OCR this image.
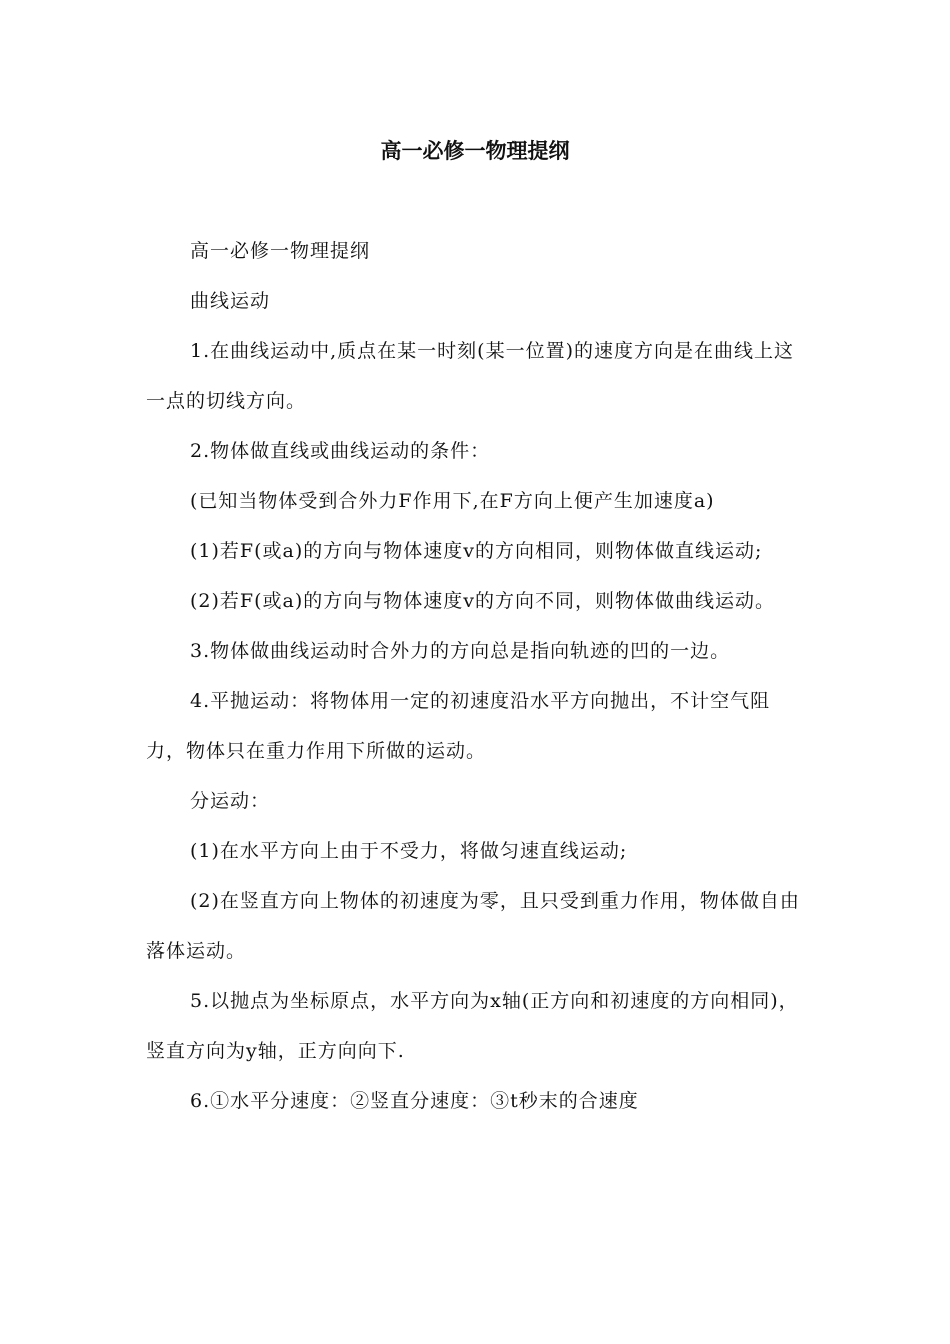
高一必修一物理提纲

高一必修一物理提纲

曲线运动

1.在曲线运动中,质点在某一时刻(某一位置)的速度方向是在曲线上这一点的切线方向。

2.物体做直线或曲线运动的条件：

(已知当物体受到合外力F作用下,在F方向上便产生加速度a)

(1)若F(或a)的方向与物体速度v的方向相同，则物体做直线运动;

(2)若F(或a)的方向与物体速度v的方向不同，则物体做曲线运动。

3.物体做曲线运动时合外力的方向总是指向轨迹的凹的一边。

4.平抛运动：将物体用一定的初速度沿水平方向抛出，不计空气阻力，物体只在重力作用下所做的运动。

分运动：

(1)在水平方向上由于不受力，将做匀速直线运动;

(2)在竖直方向上物体的初速度为零，且只受到重力作用，物体做自由落体运动。

5.以抛点为坐标原点，水平方向为x轴(正方向和初速度的方向相同)，竖直方向为y轴，正方向向下.

6.①水平分速度：②竖直分速度：③t秒末的合速度
